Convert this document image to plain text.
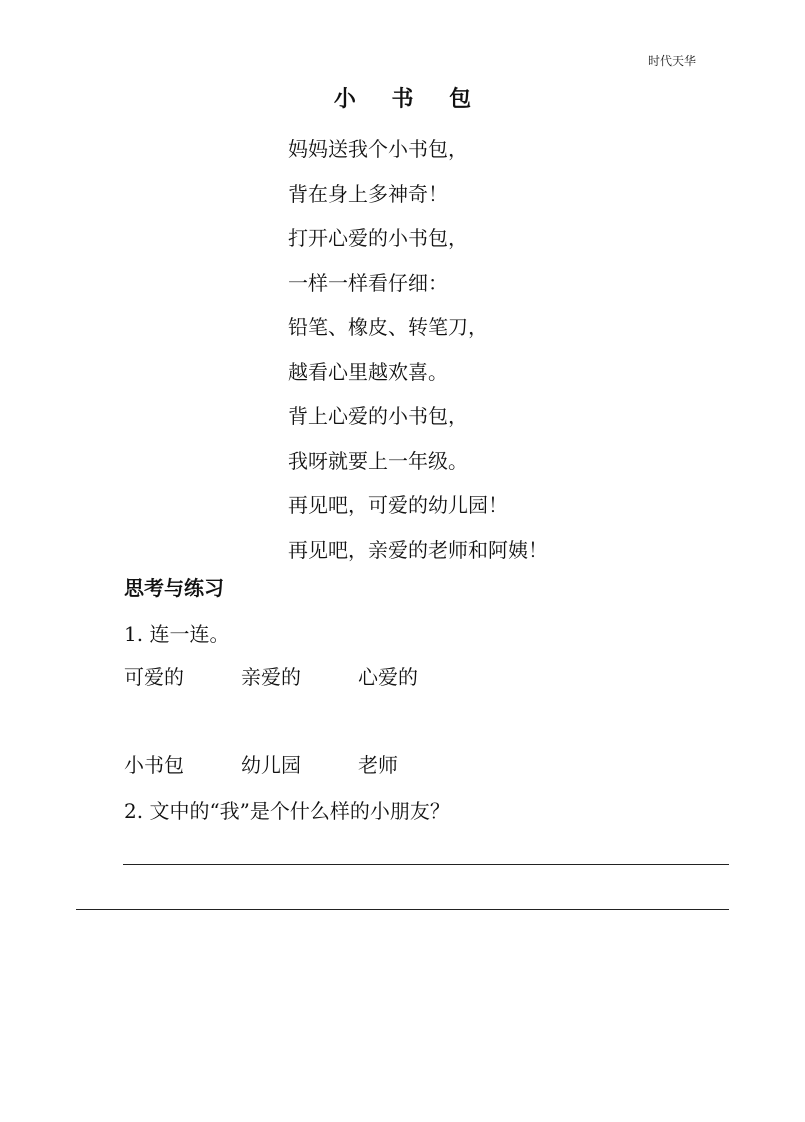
时代天华
小 书 包
妈妈送我个小书包，
背在身上多神奇！
打开心爱的小书包，
一样一样看仔细：
铅笔、橡皮、转笔刀，
越看心里越欢喜。
背上心爱的小书包，
我呀就要上一年级。
再见吧，可爱的幼儿园！
再见吧，亲爱的老师和阿姨！
思考与练习
1. 连一连。
可爱的	亲爱的	心爱的
小书包	幼儿园	老师
2. 文中的“我”是个什么样的小朋友？
